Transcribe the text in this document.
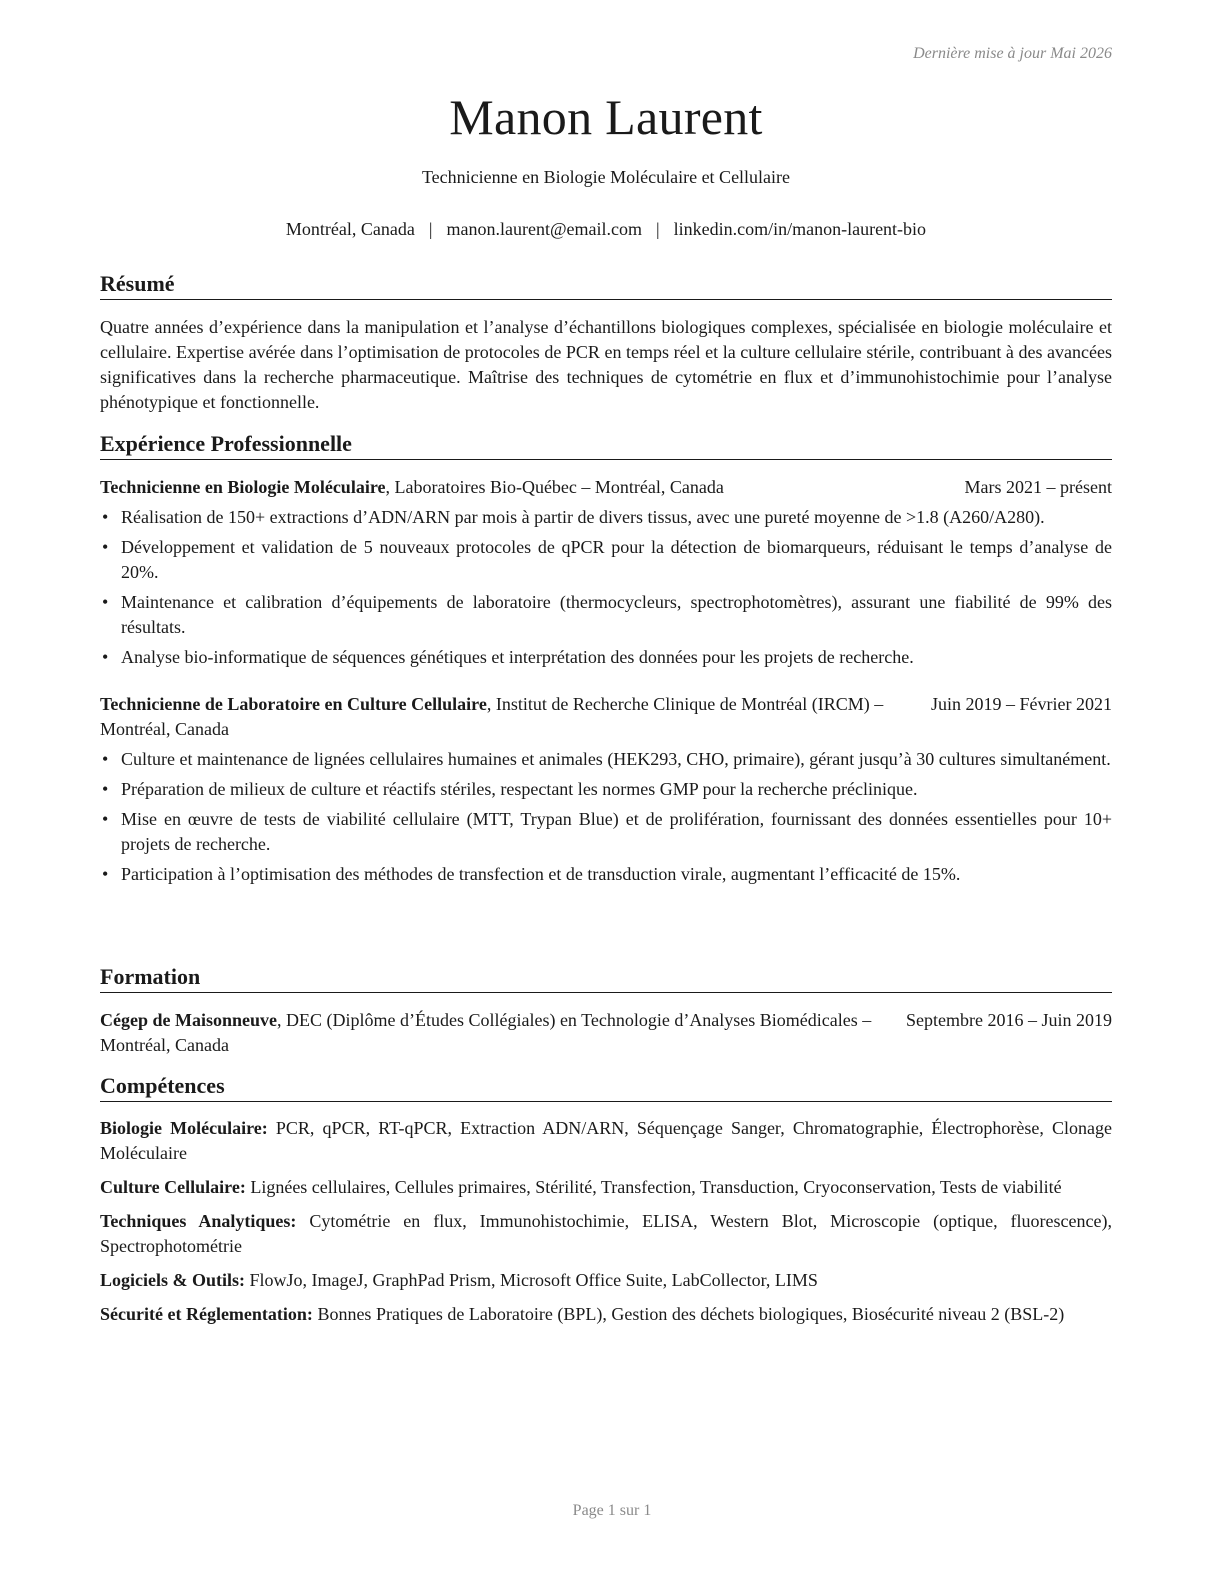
Dernière mise à jour Mai 2026
Manon Laurent
Technicienne en Biologie Moléculaire et Cellulaire
Montréal, Canada | manon.laurent@email.com | linkedin.com/in/manon-laurent-bio
Résumé
Quatre années d’expérience dans la manipulation et l’analyse d’échantillons biologiques complexes, spécialisée en biologie moléculaire et cellulaire. Expertise avérée dans l’optimisation de protocoles de PCR en temps réel et la culture cellulaire stérile, contribuant à des avancées significatives dans la recherche pharmaceutique. Maîtrise des techniques de cytométrie en flux et d’immunohistochimie pour l’analyse phénotypique et fonctionnelle.
Expérience Professionnelle
Technicienne en Biologie Moléculaire, Laboratoires Bio-Québec – Montréal, Canada	Mars 2021 – présent
• Réalisation de 150+ extractions d’ADN/ARN par mois à partir de divers tissus, avec une pureté moyenne de >1.8 (A260/A280).
• Développement et validation de 5 nouveaux protocoles de qPCR pour la détection de biomarqueurs, réduisant le temps d’analyse de 20%.
• Maintenance et calibration d’équipements de laboratoire (thermocycleurs, spectrophotomètres), assurant une fiabilité de 99% des résultats.
• Analyse bio-informatique de séquences génétiques et interprétation des données pour les projets de recherche.
Technicienne de Laboratoire en Culture Cellulaire, Institut de Recherche Clinique de Montréal (IRCM) – Montréal, Canada
Juin 2019 – Février 2021
• Culture et maintenance de lignées cellulaires humaines et animales (HEK293, CHO, primaire), gérant jusqu’à 30 cultures simultanément.
• Préparation de milieux de culture et réactifs stériles, respectant les normes GMP pour la recherche préclinique.
• Mise en œuvre de tests de viabilité cellulaire (MTT, Trypan Blue) et de prolifération, fournissant des données essentielles pour 10+ projets de recherche.
• Participation à l’optimisation des méthodes de transfection et de transduction virale, augmentant l’efficacité de 15%.
Formation
Cégep de Maisonneuve, DEC (Diplôme d’Études Collégiales) en Technologie d’Analyses Biomédicales – Montréal, Canada
Septembre 2016 – Juin 2019
Compétences
Biologie Moléculaire: PCR, qPCR, RT-qPCR, Extraction ADN/ARN, Séquençage Sanger, Chromatographie, Électrophorèse, Clonage Moléculaire
Culture Cellulaire: Lignées cellulaires, Cellules primaires, Stérilité, Transfection, Transduction, Cryoconservation, Tests de viabilité
Techniques Analytiques: Cytométrie en flux, Immunohistochimie, ELISA, Western Blot, Microscopie (optique, fluorescence), Spectrophotométrie
Logiciels & Outils: FlowJo, ImageJ, GraphPad Prism, Microsoft Office Suite, LabCollector, LIMS
Sécurité et Réglementation: Bonnes Pratiques de Laboratoire (BPL), Gestion des déchets biologiques, Biosécurité niveau 2 (BSL-2)
Page 1 sur 1
